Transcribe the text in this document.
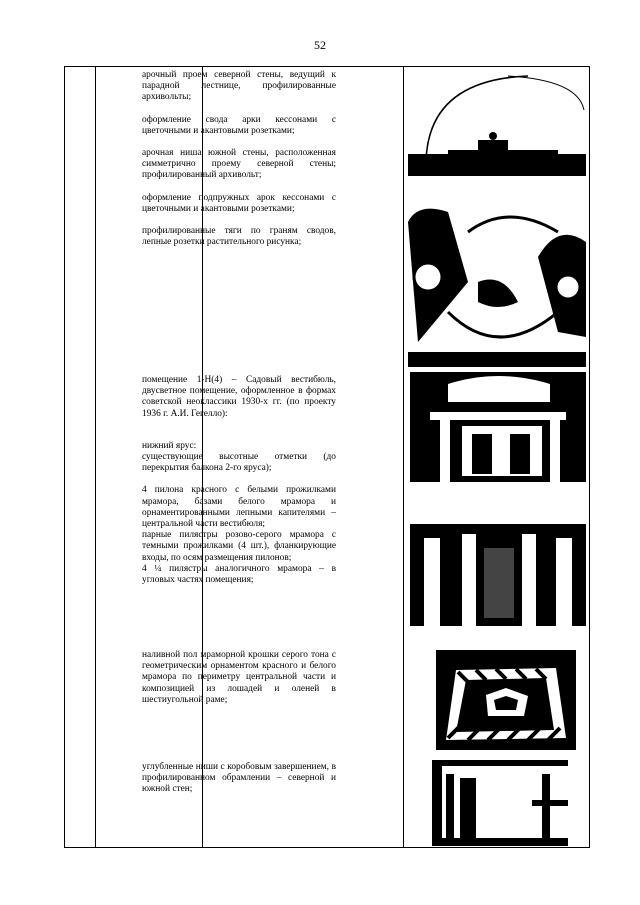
52

арочный проем северной стены, ведущий к парадной лестнице, профилированные архивольты;

оформление свода арки кессонами с цветочными и акантовыми розетками;

арочная ниша южной стены, расположенная симметрично проему северной стены; профилированный архивольт;

оформление подпружных арок кессонами с цветочными и акантовыми розетками;

профилированные тяги по граням сводов, лепные розетки растительного рисунка;

помещение 1-Н(4) – Садовый вестибюль, двусветное помещение, оформленное в формах советской неоклассики 1930-х гг. (по проекту 1936 г. А.И. Гегелло):

нижний ярус:

существующие высотные отметки (до перекрытия балкона 2-го яруса);

4 пилона красного с белыми прожилками мрамора, базами белого мрамора и орнаментированными лепными капителями – центральной части вестибюля;

парные пилястры розово-серого мрамора с темными прожилками (4 шт.), фланкирующие входы, по осям размещения пилонов;

4 ¼ пилястры аналогичного мрамора – в угловых частях помещения;

наливной пол мраморной крошки серого тона с геометрическим орнаментом красного и белого мрамора по периметру центральной части и композицией из лошадей и оленей в шестиугольной раме;

углубленные ниши с коробовым завершением, в профилированном обрамлении – северной и южной стен;
